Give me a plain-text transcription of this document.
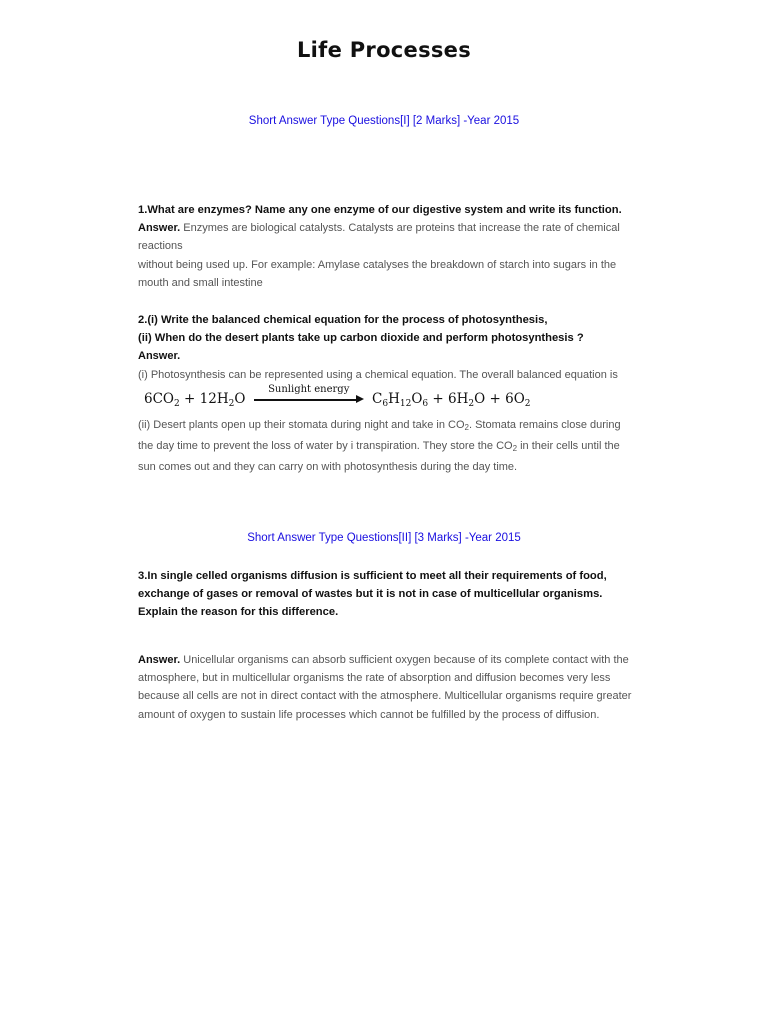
Life Processes
Short Answer Type Questions[I] [2 Marks] -Year 2015

1.What are enzymes? Name any one enzyme of our digestive system and write its function.

Answer. Enzymes are biological catalysts. Catalysts are proteins that increase the rate of chemical reactions

without being used up. For example: Amylase catalyses the breakdown of starch into sugars in the mouth and small intestine

2.(i) Write the balanced chemical equation for the process of photosynthesis,

(ii) When do the desert plants take up carbon dioxide and perform photosynthesis ?

Answer.

(i) Photosynthesis can be represented using a chemical equation. The overall balanced equation is

$6CO_2 + 12H_2O$
Sunlight energy
$C_6H_{12}O_6 + 6H_2O + 6O_2$

(ii) Desert plants open up their stomata during night and take in $CO_2$. Stomata remains close during the day time to prevent the loss of water by i transpiration. They store the $CO_2$ in their cells until the sun comes out and they can carry on with photosynthesis during the day time.

Short Answer Type Questions[II] [3 Marks] -Year 2015

3.In single celled organisms diffusion is sufficient to meet all their requirements of food, exchange of gases or removal of wastes but it is not in case of multicellular organisms. Explain the reason for this difference.

Answer. Unicellular organisms can absorb sufficient oxygen because of its complete contact with the atmosphere, but in multicellular organisms the rate of absorption and diffusion becomes very less because all cells are not in direct contact with the atmosphere. Multicellular organisms require greater amount of oxygen to sustain life processes which cannot be fulfilled by the process of diffusion.
